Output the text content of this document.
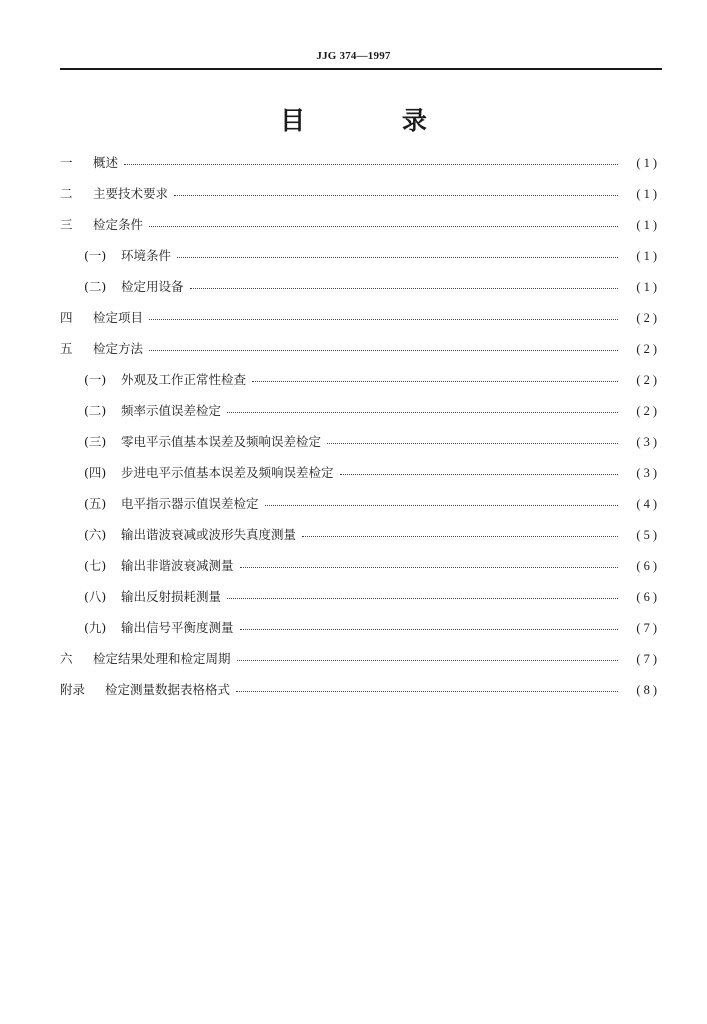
JJG 374—1997
目 录
一	概述	(1)
二	主要技术要求	(1)
三	检定条件	(1)
(一)	环境条件	(1)
(二)	检定用设备	(1)
四	检定项目	(2)
五	检定方法	(2)
(一)	外观及工作正常性检查	(2)
(二)	频率示值误差检定	(2)
(三)	零电平示值基本误差及频响误差检定	(3)
(四)	步进电平示值基本误差及频响误差检定	(3)
(五)	电平指示器示值误差检定	(4)
(六)	输出谐波衰减或波形失真度测量	(5)
(七)	输出非谐波衰减测量	(6)
(八)	输出反射损耗测量	(6)
(九)	输出信号平衡度测量	(7)
六	检定结果处理和检定周期	(7)
附录	检定测量数据表格格式	(8)
